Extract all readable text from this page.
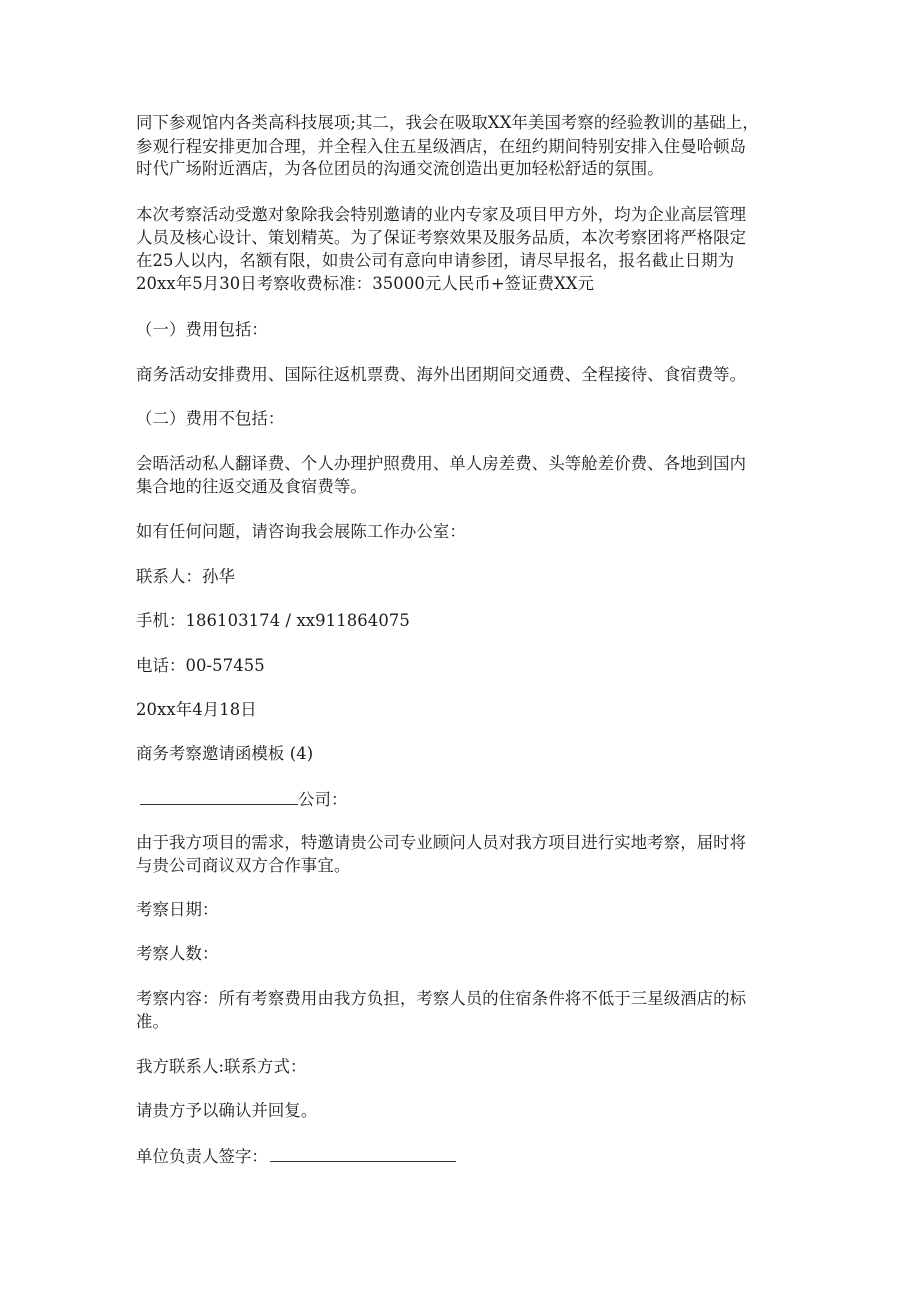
同下参观馆内各类高科技展项;其二，我会在吸取XX年美国考察的经验教训的基础上，
参观行程安排更加合理，并全程入住五星级酒店，在纽约期间特别安排入住曼哈顿岛
时代广场附近酒店，为各位团员的沟通交流创造出更加轻松舒适的氛围。
本次考察活动受邀对象除我会特别邀请的业内专家及项目甲方外，均为企业高层管理
人员及核心设计、策划精英。为了保证考察效果及服务品质，本次考察团将严格限定
在25人以内，名额有限，如贵公司有意向申请参团，请尽早报名，报名截止日期为
20xx年5月30日考察收费标准：35000元人民币+签证费XX元
（一）费用包括：
商务活动安排费用、国际往返机票费、海外出团期间交通费、全程接待、食宿费等。
（二）费用不包括：
会晤活动私人翻译费、个人办理护照费用、单人房差费、头等舱差价费、各地到国内
集合地的往返交通及食宿费等。
如有任何问题，请咨询我会展陈工作办公室：
联系人：孙华
手机：186103174 / xx911864075
电话：00-57455
20xx年4月18日
商务考察邀请函模板 (4)
公司：
由于我方项目的需求，特邀请贵公司专业顾问人员对我方项目进行实地考察，届时将
与贵公司商议双方合作事宜。
考察日期：
考察人数：
考察内容：所有考察费用由我方负担，考察人员的住宿条件将不低于三星级酒店的标
准。
我方联系人:联系方式：
请贵方予以确认并回复。
单位负责人签字：
